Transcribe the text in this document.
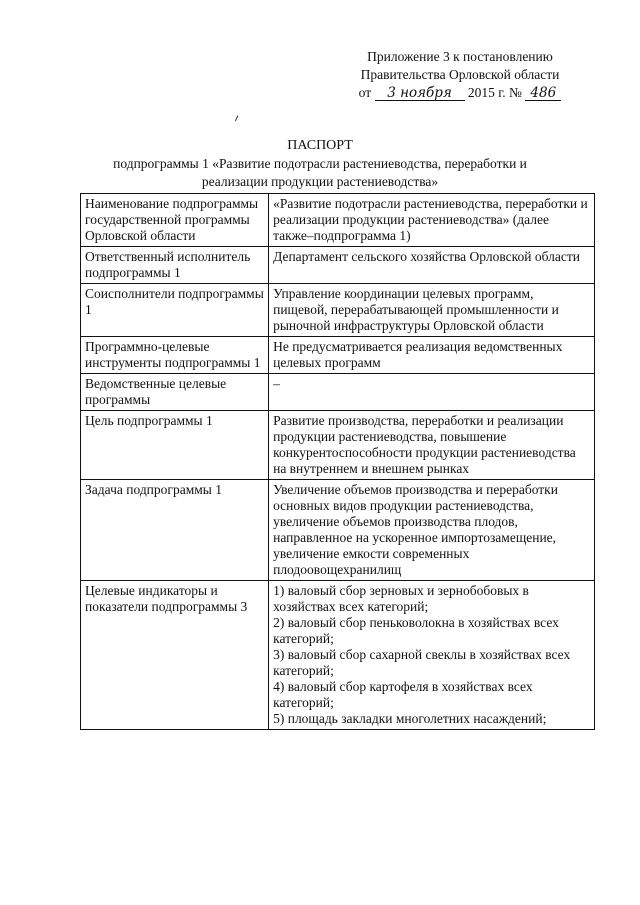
Приложение 3 к постановлению
Правительства Орловской области
от 3 ноября 2015 г. № 486
ПАСПОРТ
подпрограммы 1 «Развитие подотрасли растениеводства, переработки и реализации продукции растениеводства»
Наименование подпрограммы государственной программы Орловской области	«Развитие подотрасли растениеводства, переработки и реализации продукции растениеводства» (далее также–подпрограмма 1)
Ответственный исполнитель подпрограммы 1	Департамент сельского хозяйства Орловской области
Соисполнители подпрограммы 1	Управление координации целевых программ, пищевой, перерабатывающей промышленности и рыночной инфраструктуры Орловской области
Программно-целевые инструменты подпрограммы 1	Не предусматривается реализация ведомственных целевых программ
Ведомственные целевые программы	–
Цель подпрограммы 1	Развитие производства, переработки и реализации продукции растениеводства, повышение конкурентоспособности продукции растениеводства на внутреннем и внешнем рынках
Задача подпрограммы 1	Увеличение объемов производства и переработки основных видов продукции растениеводства, увеличение объемов производства плодов, направленное на ускоренное импортозамещение, увеличение емкости современных плодоовощехранилищ
Целевые индикаторы и показатели подпрограммы 3	1) валовый сбор зерновых и зернобобовых в хозяйствах всех категорий;
2) валовый сбор пеньковолокна в хозяйствах всех категорий;
3) валовый сбор сахарной свеклы в хозяйствах всех категорий;
4) валовый сбор картофеля в хозяйствах всех категорий;
5) площадь закладки многолетних насаждений;
